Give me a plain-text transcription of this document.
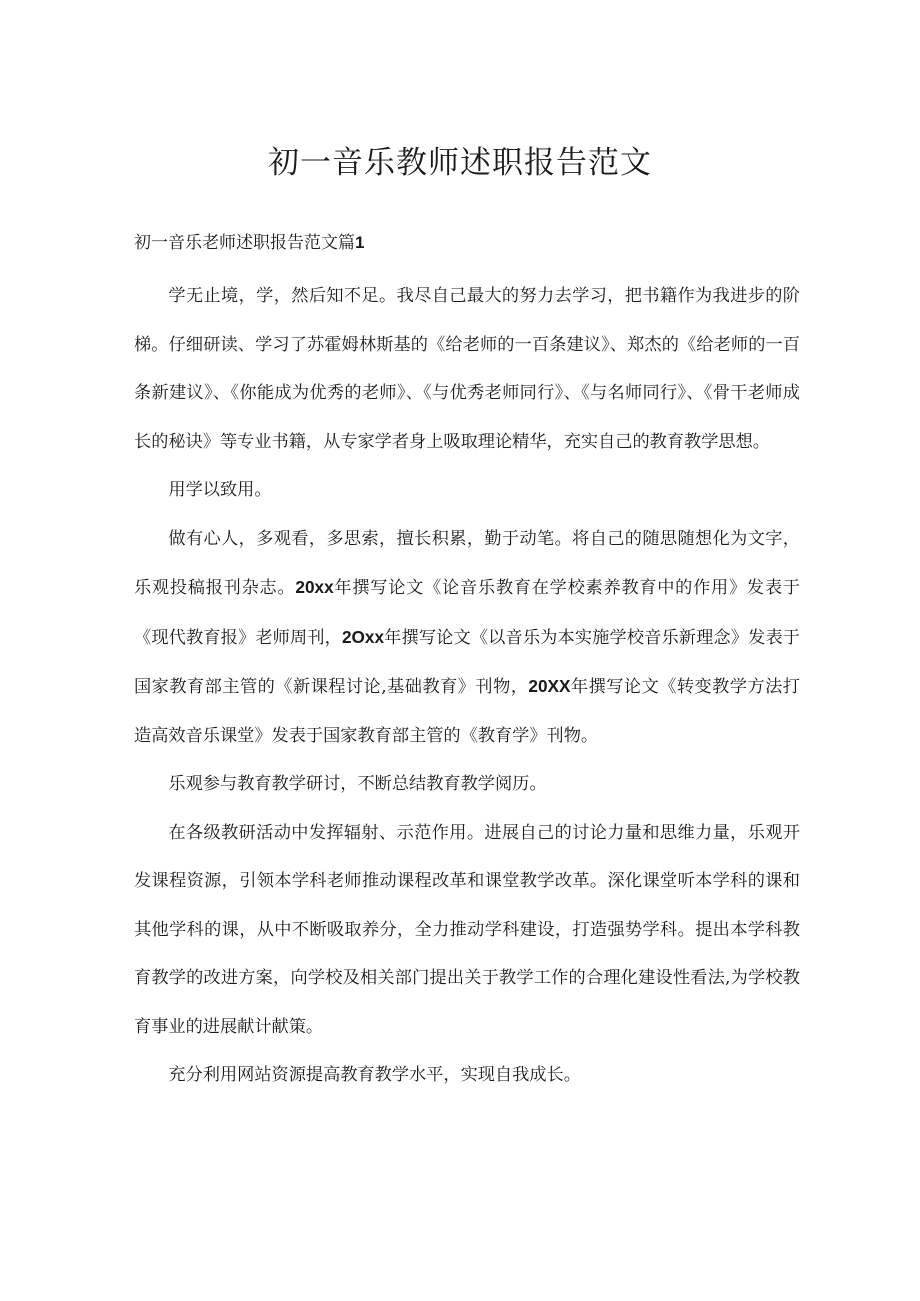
初一音乐教师述职报告范文
初一音乐老师述职报告范文篇1

学无止境，学，然后知不足。我尽自己最大的努力去学习，把书籍作为我进步的阶梯。仔细研读、学习了苏霍姆林斯基的《给老师的一百条建议》、郑杰的《给老师的一百条新建议》、《你能成为优秀的老师》、《与优秀老师同行》、《与名师同行》、《骨干老师成长的秘诀》等专业书籍，从专家学者身上吸取理论精华，充实自己的教育教学思想。

用学以致用。

做有心人，多观看，多思索，擅长积累，勤于动笔。将自己的随思随想化为文字，乐观投稿报刊杂志。20xx年撰写论文《论音乐教育在学校素养教育中的作用》发表于《现代教育报》老师周刊，2Oxx年撰写论文《以音乐为本实施学校音乐新理念》发表于国家教育部主管的《新课程讨论,基础教育》刊物，20XX年撰写论文《转变教学方法打造高效音乐课堂》发表于国家教育部主管的《教育学》刊物。

乐观参与教育教学研讨，不断总结教育教学阅历。

在各级教研活动中发挥辐射、示范作用。进展自己的讨论力量和思维力量，乐观开发课程资源，引领本学科老师推动课程改革和课堂教学改革。深化课堂听本学科的课和其他学科的课，从中不断吸取养分，全力推动学科建设，打造强势学科。提出本学科教育教学的改进方案，向学校及相关部门提出关于教学工作的合理化建设性看法,为学校教育事业的进展献计献策。

充分利用网站资源提高教育教学水平，实现自我成长。
